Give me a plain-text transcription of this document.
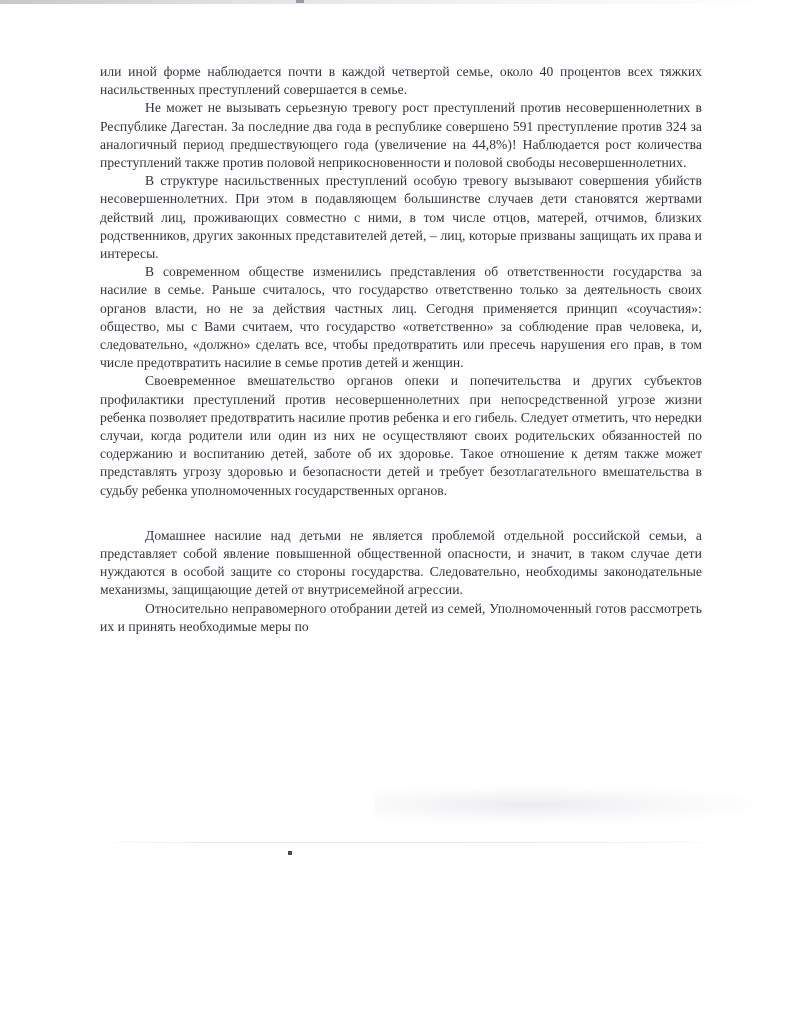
или иной форме наблюдается почти в каждой четвертой семье, около 40 процентов всех тяжких насильственных преступлений совершается в семье.

Не может не вызывать серьезную тревогу рост преступлений против несовершеннолетних в Республике Дагестан. За последние два года в республике совершено 591 преступление против 324 за аналогичный период предшествующего года (увеличение на 44,8%)! Наблюдается рост количества преступлений также против половой неприкосновенности и половой свободы несовершеннолетних.

В структуре насильственных преступлений особую тревогу вызывают совершения убийств несовершеннолетних. При этом в подавляющем большинстве случаев дети становятся жертвами действий лиц, проживающих совместно с ними, в том числе отцов, матерей, отчимов, близких родственников, других законных представителей детей, – лиц, которые призваны защищать их права и интересы.

В современном обществе изменились представления об ответственности государства за насилие в семье. Раньше считалось, что государство ответственно только за деятельность своих органов власти, но не за действия частных лиц. Сегодня применяется принцип «соучастия»: общество, мы с Вами считаем, что государство «ответственно» за соблюдение прав человека, и, следовательно, «должно» сделать все, чтобы предотвратить или пресечь нарушения его прав, в том числе предотвратить насилие в семье против детей и женщин.

Своевременное вмешательство органов опеки и попечительства и других субъектов профилактики преступлений против несовершеннолетних при непосредственной угрозе жизни ребенка позволяет предотвратить насилие против ребенка и его гибель. Следует отметить, что нередки случаи, когда родители или один из них не осуществляют своих родительских обязанностей по содержанию и воспитанию детей, заботе об их здоровье. Такое отношение к детям также может представлять угрозу здоровью и безопасности детей и требует безотлагательного вмешательства в судьбу ребенка уполномоченных государственных органов.

Домашнее насилие над детьми не является проблемой отдельной российской семьи, а представляет собой явление повышенной общественной опасности, и значит, в таком случае дети нуждаются в особой защите со стороны государства. Следовательно, необходимы законодательные механизмы, защищающие детей от внутрисемейной агрессии.

Относительно неправомерного отобрании детей из семей, Уполномоченный готов рассмотреть их и принять необходимые меры по
